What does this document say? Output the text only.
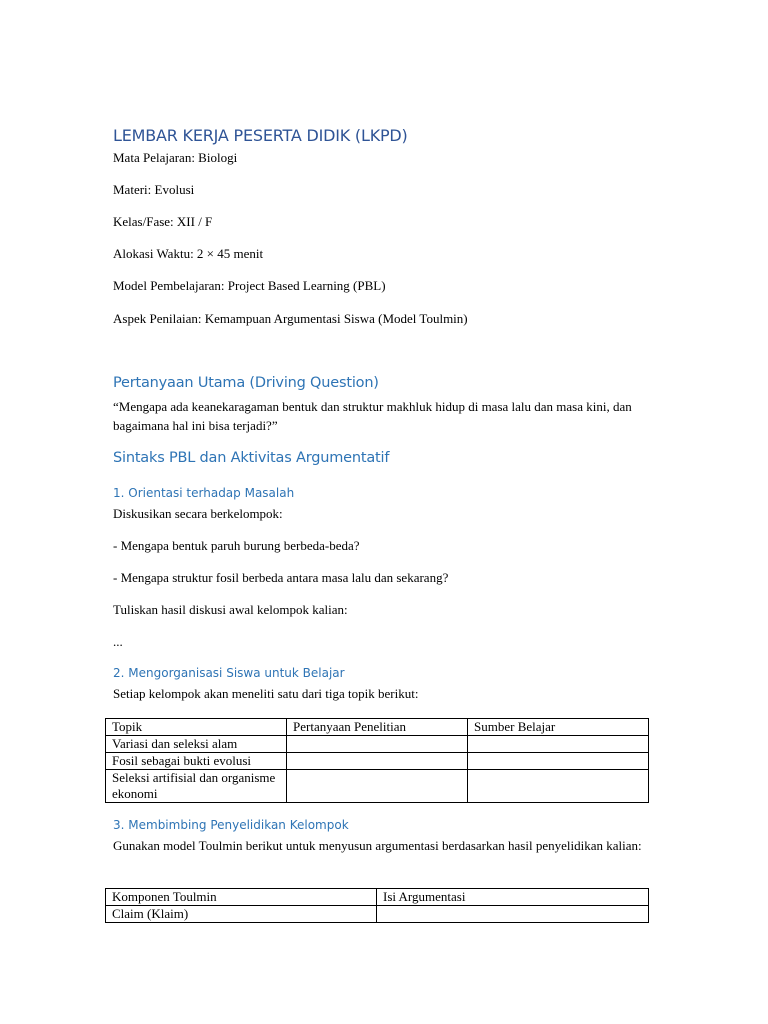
LEMBAR KERJA PESERTA DIDIK (LKPD)
Mata Pelajaran: Biologi
Materi: Evolusi
Kelas/Fase: XII / F
Alokasi Waktu: 2 × 45 menit
Model Pembelajaran: Project Based Learning (PBL)
Aspek Penilaian: Kemampuan Argumentasi Siswa (Model Toulmin)
Pertanyaan Utama (Driving Question)
“Mengapa ada keanekaragaman bentuk dan struktur makhluk hidup di masa lalu dan masa kini, dan bagaimana hal ini bisa terjadi?”
Sintaks PBL dan Aktivitas Argumentatif
1. Orientasi terhadap Masalah
Diskusikan secara berkelompok:
- Mengapa bentuk paruh burung berbeda-beda?
- Mengapa struktur fosil berbeda antara masa lalu dan sekarang?
Tuliskan hasil diskusi awal kelompok kalian:
...
2. Mengorganisasi Siswa untuk Belajar
Setiap kelompok akan meneliti satu dari tiga topik berikut:
Topik	Pertanyaan Penelitian	Sumber Belajar
Variasi dan seleksi alam		
Fosil sebagai bukti evolusi		
Seleksi artifisial dan organisme ekonomi		
3. Membimbing Penyelidikan Kelompok
Gunakan model Toulmin berikut untuk menyusun argumentasi berdasarkan hasil penyelidikan kalian:
Komponen Toulmin	Isi Argumentasi
Claim (Klaim)	
